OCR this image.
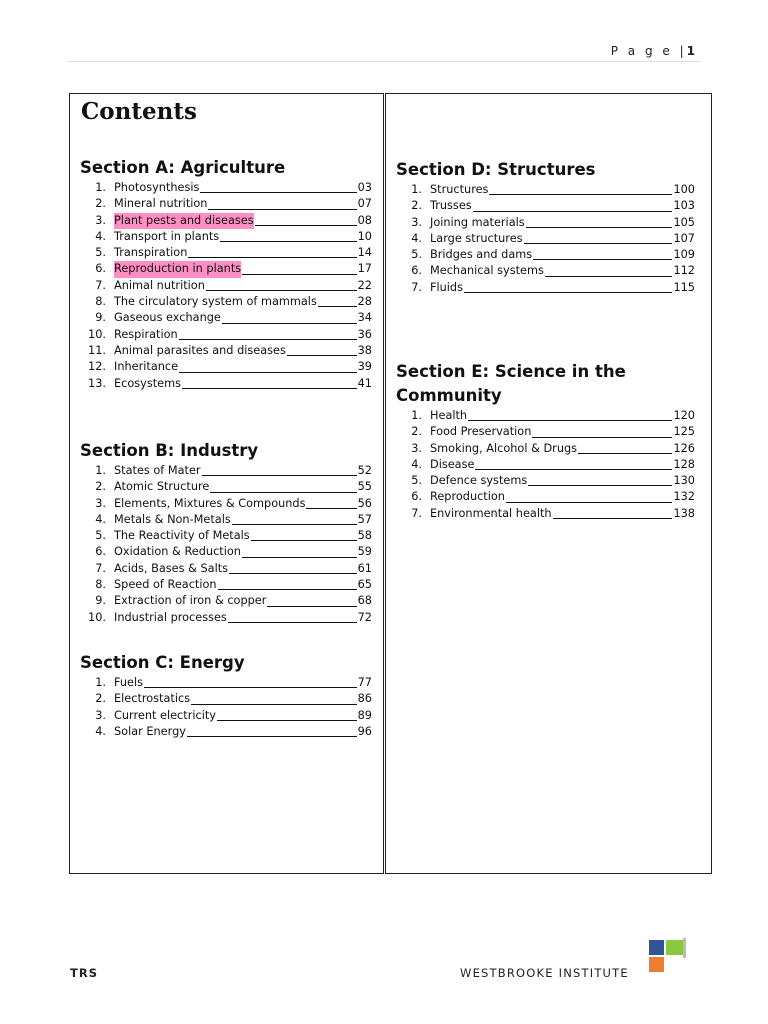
P a g e |1
Contents
Section A: Agriculture
1. Photosynthesis	03
2. Mineral nutrition	07
3. Plant pests and diseases	08
4. Transport in plants	10
5. Transpiration	14
6. Reproduction in plants	17
7. Animal nutrition	22
8. The circulatory system of mammals	28
9. Gaseous exchange	34
10. Respiration	36
11. Animal parasites and diseases	38
12. Inheritance	39
13. Ecosystems	41
Section B: Industry
1. States of Mater	52
2. Atomic Structure	55
3. Elements, Mixtures & Compounds	56
4. Metals & Non-Metals	57
5. The Reactivity of Metals	58
6. Oxidation & Reduction	59
7. Acids, Bases & Salts	61
8. Speed of Reaction	65
9. Extraction of iron & copper	68
10. Industrial processes	72
Section C: Energy
1. Fuels	77
2. Electrostatics	86
3. Current electricity	89
4. Solar Energy	96
Section D: Structures
1. Structures	100
2. Trusses	103
3. Joining materials	105
4. Large structures	107
5. Bridges and dams	109
6. Mechanical systems	112
7. Fluids	115
Section E: Science in the
Community
1. Health	120
2. Food Preservation	125
3. Smoking, Alcohol & Drugs	126
4. Disease	128
5. Defence systems	130
6. Reproduction	132
7. Environmental health	138
TRS	WESTBROOKE INSTITUTE
